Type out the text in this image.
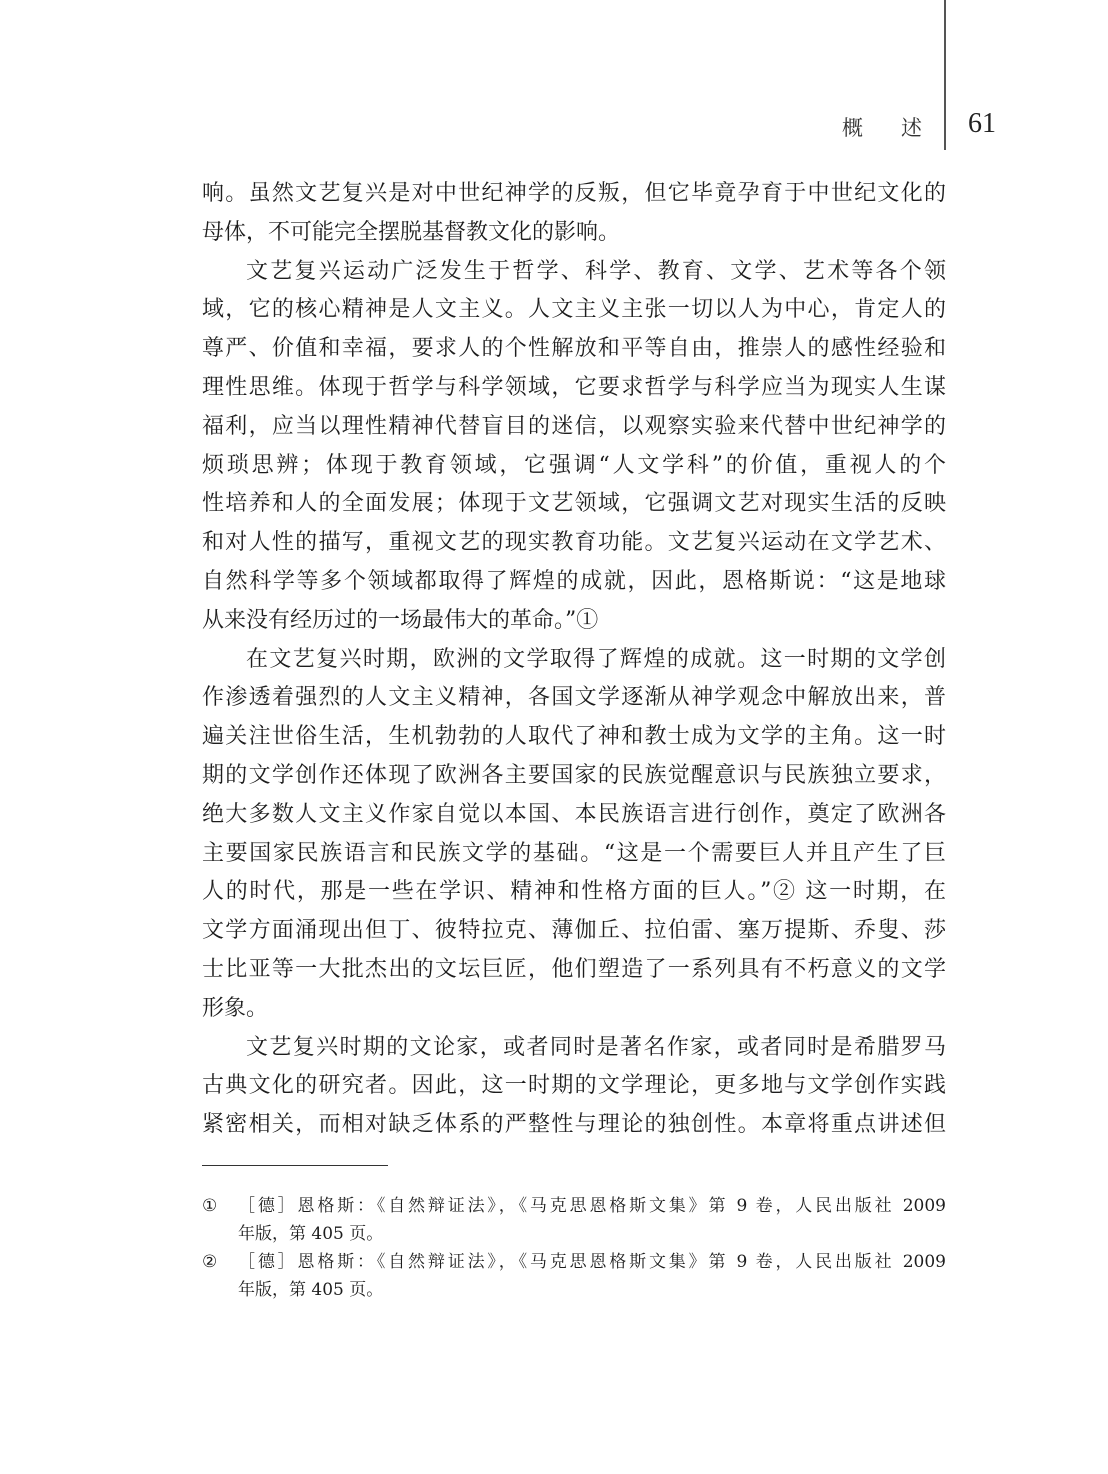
概述 61
响。虽然文艺复兴是对中世纪神学的反叛，但它毕竟孕育于中世纪文化的
母体，不可能完全摆脱基督教文化的影响。
文艺复兴运动广泛发生于哲学、科学、教育、文学、艺术等各个领
域，它的核心精神是人文主义。人文主义主张一切以人为中心，肯定人的
尊严、价值和幸福，要求人的个性解放和平等自由，推崇人的感性经验和
理性思维。体现于哲学与科学领域，它要求哲学与科学应当为现实人生谋
福利，应当以理性精神代替盲目的迷信，以观察实验来代替中世纪神学的
烦琐思辨；体现于教育领域，它强调“人文学科”的价值，重视人的个
性培养和人的全面发展；体现于文艺领域，它强调文艺对现实生活的反映
和对人性的描写，重视文艺的现实教育功能。文艺复兴运动在文学艺术、
自然科学等多个领域都取得了辉煌的成就，因此，恩格斯说：“这是地球
从来没有经历过的一场最伟大的革命。”①
在文艺复兴时期，欧洲的文学取得了辉煌的成就。这一时期的文学创
作渗透着强烈的人文主义精神，各国文学逐渐从神学观念中解放出来，普
遍关注世俗生活，生机勃勃的人取代了神和教士成为文学的主角。这一时
期的文学创作还体现了欧洲各主要国家的民族觉醒意识与民族独立要求，
绝大多数人文主义作家自觉以本国、本民族语言进行创作，奠定了欧洲各
主要国家民族语言和民族文学的基础。“这是一个需要巨人并且产生了巨
人的时代，那是一些在学识、精神和性格方面的巨人。”② 这一时期，在
文学方面涌现出但丁、彼特拉克、薄伽丘、拉伯雷、塞万提斯、乔叟、莎
士比亚等一大批杰出的文坛巨匠，他们塑造了一系列具有不朽意义的文学
形象。
文艺复兴时期的文论家，或者同时是著名作家，或者同时是希腊罗马
古典文化的研究者。因此，这一时期的文学理论，更多地与文学创作实践
紧密相关，而相对缺乏体系的严整性与理论的独创性。本章将重点讲述但
①	［德］恩格斯：《自然辩证法》，《马克思恩格斯文集》第 9 卷，人民出版社 2009
年版，第 405 页。
②	［德］恩格斯：《自然辩证法》，《马克思恩格斯文集》第 9 卷，人民出版社 2009
年版，第 405 页。
